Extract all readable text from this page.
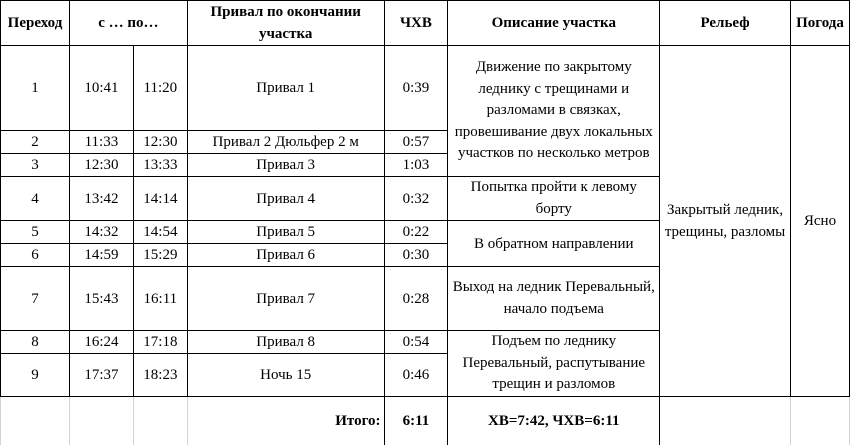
Переход	с … по…		Привал по окончании участка	ЧХВ	Описание участка	Рельеф	Погода
1	10:41	11:20	Привал 1	0:39	Движение по закрытому леднику с трещинами и разломами в связках, провешивание двух локальных участков по несколько метров	Закрытый ледник, трещины, разломы	Ясно
2	11:33	12:30	Привал 2 Дюльфер 2 м	0:57			
3	12:30	13:33	Привал 3	1:03			
4	13:42	14:14	Привал 4	0:32	Попытка пройти к левому борту		
5	14:32	14:54	Привал 5	0:22	В обратном направлении		
6	14:59	15:29	Привал 6	0:30			
7	15:43	16:11	Привал 7	0:28	Выход на ледник Перевальный, начало подъема		
8	16:24	17:18	Привал 8	0:54	Подъем по леднику Перевальный, распутывание трещин и разломов		
9	17:37	18:23	Ночь 15	0:46			
			Итого:	6:11	ХВ=7:42, ЧХВ=6:11		
